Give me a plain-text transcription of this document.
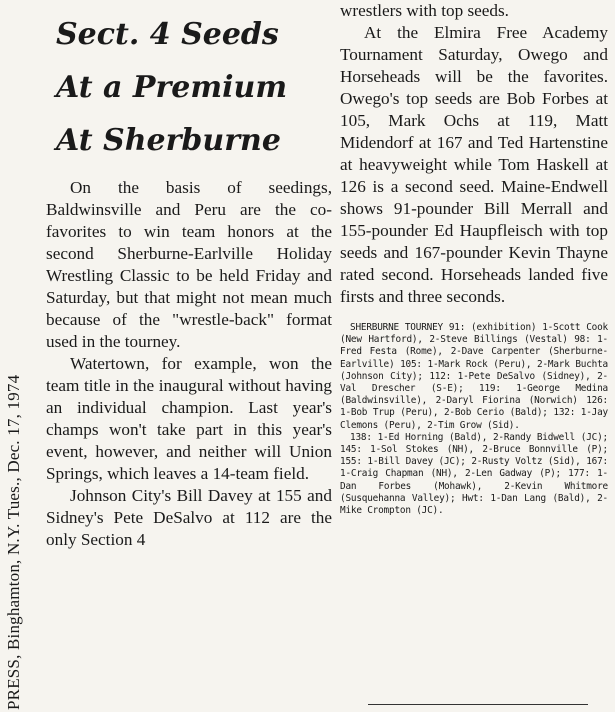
PRESS, Binghamton, N.Y. Tues., Dec. 17, 1974
Sect. 4 Seeds
At a Premium
At Sherburne

On the basis of seedings, Baldwinsville and Peru are the co-favorites to win team honors at the second Sherburne-Earlville Holiday Wrestling Classic to be held Friday and Saturday, but that might not mean much because of the "wrestle-back" format used in the tourney.

Watertown, for example, won the team title in the inaugural without having an individual champion. Last year's champs won't take part in this year's event, however, and neither will Union Springs, which leaves a 14-team field.

Johnson City's Bill Davey at 155 and Sidney's Pete DeSalvo at 112 are the only Section 4

wrestlers with top seeds.

At the Elmira Free Academy Tournament Saturday, Owego and Horseheads will be the favorites. Owego's top seeds are Bob Forbes at 105, Mark Ochs at 119, Matt Midendorf at 167 and Ted Hartenstine at heavyweight while Tom Haskell at 126 is a second seed. Maine-Endwell shows 91-pounder Bill Merrall and 155-pounder Ed Haupfleisch with top seeds and 167-pounder Kevin Thayne rated second. Horseheads landed five firsts and three seconds.

SHERBURNE TOURNEY 91: (exhibition) 1-Scott Cook (New Hartford), 2-Steve Billings (Vestal) 98: 1-Fred Festa (Rome), 2-Dave Carpenter (Sherburne-Earlville) 105: 1-Mark Rock (Peru), 2-Mark Buchta (Johnson City); 112: 1-Pete DeSalvo (Sidney), 2-Val Drescher (S-E); 119: 1-George Medina (Baldwinsville), 2-Daryl Fiorina (Norwich) 126: 1-Bob Trup (Peru), 2-Bob Cerio (Bald); 132: 1-Jay Clemons (Peru), 2-Tim Grow (Sid).

138: 1-Ed Horning (Bald), 2-Randy Bidwell (JC); 145: 1-Sol Stokes (NH), 2-Bruce Bonnville (P); 155: 1-Bill Davey (JC); 2-Rusty Voltz (Sid), 167: 1-Craig Chapman (NH), 2-Len Gadway (P); 177: 1-Dan Forbes (Mohawk), 2-Kevin Whitmore (Susquehanna Valley); Hwt: 1-Dan Lang (Bald), 2-Mike Crompton (JC).
